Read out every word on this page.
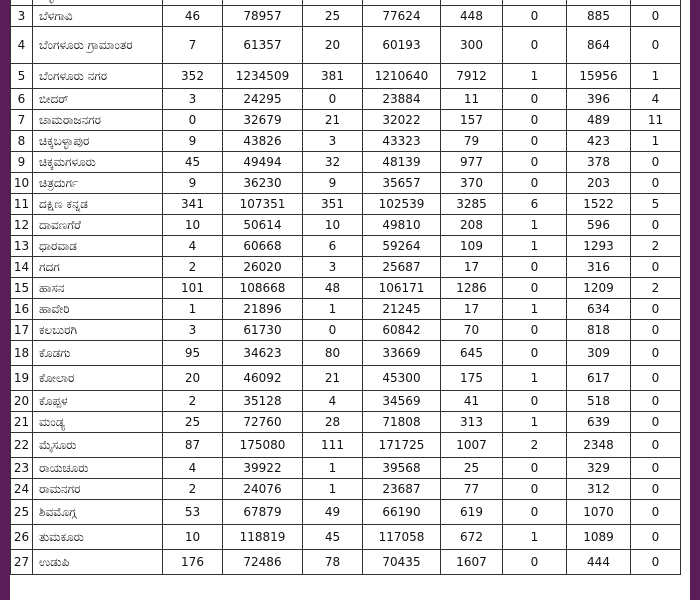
3	ಬೆಳಗಾವಿ	46	78957	25	77624	448	0	885	0
4	ಬೆಂಗಳೂರು ಗ್ರಾಮಾಂತರ	7	61357	20	60193	300	0	864	0
5	ಬೆಂಗಳೂರು ನಗರ	352	1234509	381	1210640	7912	1	15956	1
6	ಬೀದರ್	3	24295	0	23884	11	0	396	4
7	ಚಾಮರಾಜನಗರ	0	32679	21	32022	157	0	489	11
8	ಚಿಕ್ಕಬಳ್ಳಾಪುರ	9	43826	3	43323	79	0	423	1
9	ಚಿಕ್ಕಮಗಳೂರು	45	49494	32	48139	977	0	378	0
10	ಚಿತ್ರದುರ್ಗ	9	36230	9	35657	370	0	203	0
11	ದಕ್ಷಿಣ ಕನ್ನಡ	341	107351	351	102539	3285	6	1522	5
12	ದಾವಣಗೆರೆ	10	50614	10	49810	208	1	596	0
13	ಧಾರವಾಡ	4	60668	6	59264	109	1	1293	2
14	ಗದಗ	2	26020	3	25687	17	0	316	0
15	ಹಾಸನ	101	108668	48	106171	1286	0	1209	2
16	ಹಾವೇರಿ	1	21896	1	21245	17	1	634	0
17	ಕಲಬುರಗಿ	3	61730	0	60842	70	0	818	0
18	ಕೊಡಗು	95	34623	80	33669	645	0	309	0
19	ಕೋಲಾರ	20	46092	21	45300	175	1	617	0
20	ಕೊಪ್ಪಳ	2	35128	4	34569	41	0	518	0
21	ಮಂಡ್ಯ	25	72760	28	71808	313	1	639	0
22	ಮೈಸೂರು	87	175080	111	171725	1007	2	2348	0
23	ರಾಯಚೂರು	4	39922	1	39568	25	0	329	0
24	ರಾಮನಗರ	2	24076	1	23687	77	0	312	0
25	ಶಿವಮೊಗ್ಗ	53	67879	49	66190	619	0	1070	0
26	ತುಮಕೂರು	10	118819	45	117058	672	1	1089	0
27	ಉಡುಪಿ	176	72486	78	70435	1607	0	444	0
